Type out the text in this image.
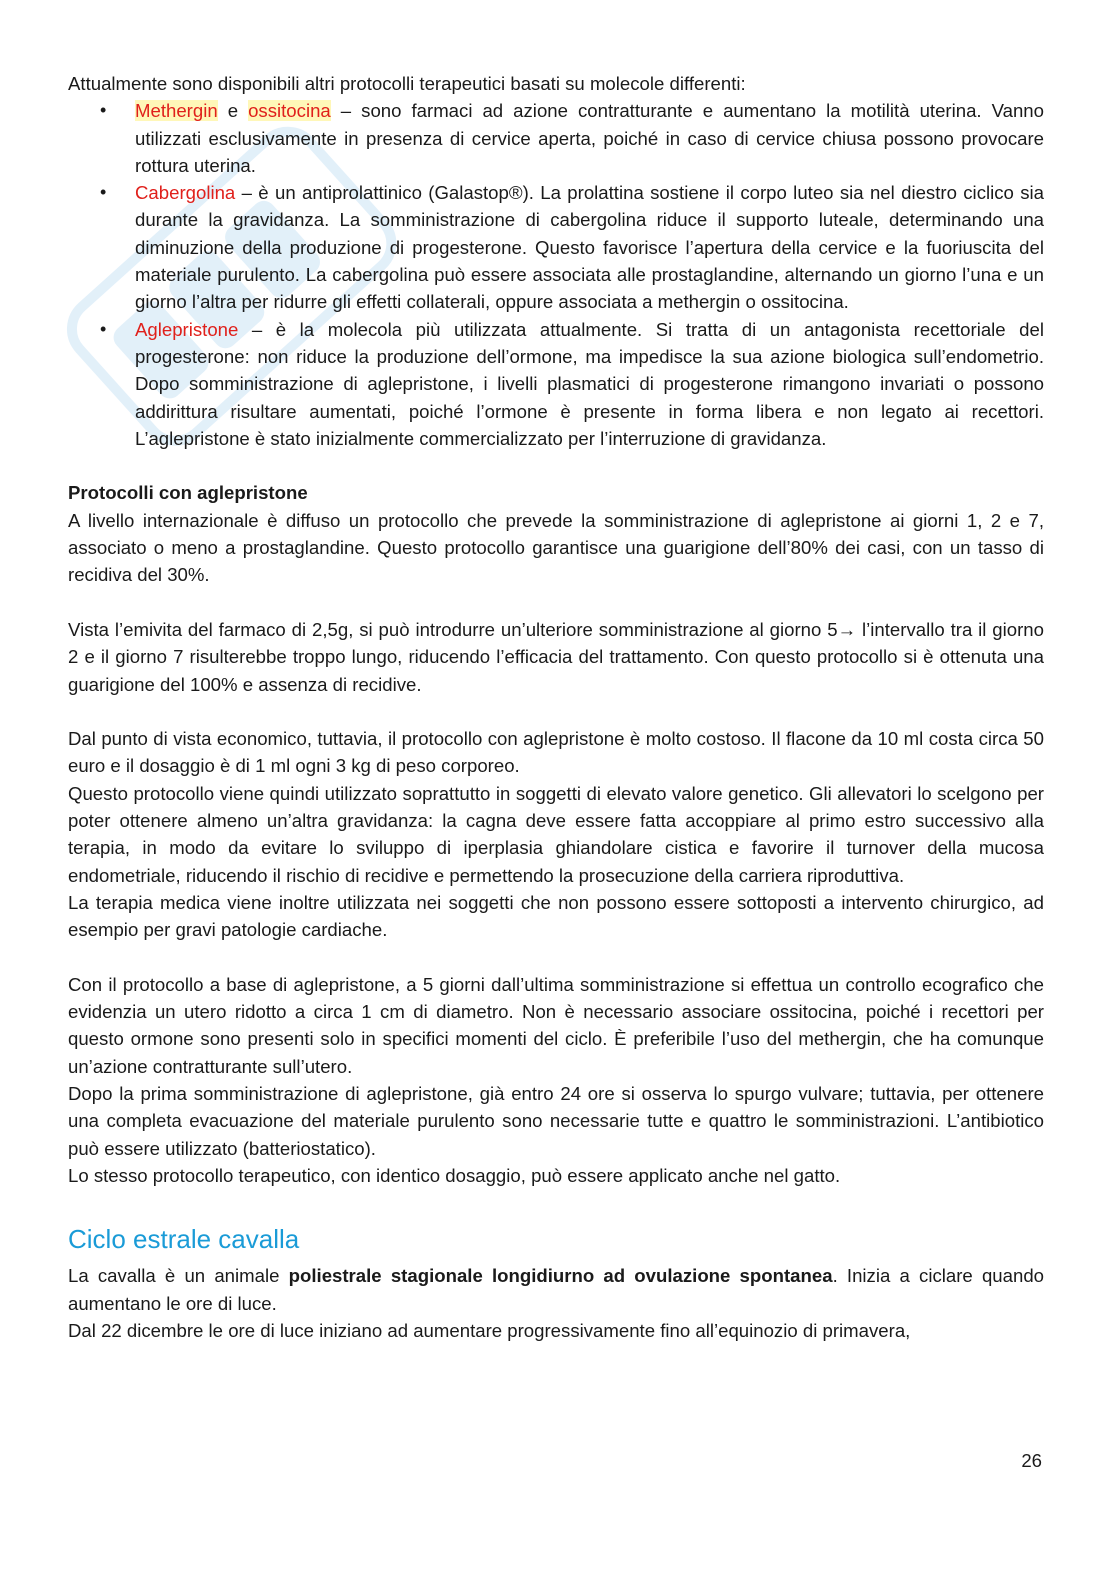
Attualmente sono disponibili altri protocolli terapeutici basati su molecole differenti:

• Methergin e ossitocina – sono farmaci ad azione contratturante e aumentano la motilità uterina. Vanno utilizzati esclusivamente in presenza di cervice aperta, poiché in caso di cervice chiusa possono provocare rottura uterina.
• Cabergolina – è un antiprolattinico (Galastop®). La prolattina sostiene il corpo luteo sia nel diestro ciclico sia durante la gravidanza. La somministrazione di cabergolina riduce il supporto luteale, determinando una diminuzione della produzione di progesterone. Questo favorisce l’apertura della cervice e la fuoriuscita del materiale purulento. La cabergolina può essere associata alle prostaglandine, alternando un giorno l’una e un giorno l’altra per ridurre gli effetti collaterali, oppure associata a methergin o ossitocina.
• Aglepristone – è la molecola più utilizzata attualmente. Si tratta di un antagonista recettoriale del progesterone: non riduce la produzione dell’ormone, ma impedisce la sua azione biologica sull’endometrio. Dopo somministrazione di aglepristone, i livelli plasmatici di progesterone rimangono invariati o possono addirittura risultare aumentati, poiché l’ormone è presente in forma libera e non legato ai recettori. L’aglepristone è stato inizialmente commercializzato per l’interruzione di gravidanza.
Protocolli con aglepristone

A livello internazionale è diffuso un protocollo che prevede la somministrazione di aglepristone ai giorni 1, 2 e 7, associato o meno a prostaglandine. Questo protocollo garantisce una guarigione dell’80% dei casi, con un tasso di recidiva del 30%.

Vista l’emivita del farmaco di 2,5g, si può introdurre un’ulteriore somministrazione al giorno 5→ l’intervallo tra il giorno 2 e il giorno 7 risulterebbe troppo lungo, riducendo l’efficacia del trattamento. Con questo protocollo si è ottenuta una guarigione del 100% e assenza di recidive.

Dal punto di vista economico, tuttavia, il protocollo con aglepristone è molto costoso. Il flacone da 10 ml costa circa 50 euro e il dosaggio è di 1 ml ogni 3 kg di peso corporeo.

Questo protocollo viene quindi utilizzato soprattutto in soggetti di elevato valore genetico. Gli allevatori lo scelgono per poter ottenere almeno un’altra gravidanza: la cagna deve essere fatta accoppiare al primo estro successivo alla terapia, in modo da evitare lo sviluppo di iperplasia ghiandolare cistica e favorire il turnover della mucosa endometriale, riducendo il rischio di recidive e permettendo la prosecuzione della carriera riproduttiva.

La terapia medica viene inoltre utilizzata nei soggetti che non possono essere sottoposti a intervento chirurgico, ad esempio per gravi patologie cardiache.

Con il protocollo a base di aglepristone, a 5 giorni dall’ultima somministrazione si effettua un controllo ecografico che evidenzia un utero ridotto a circa 1 cm di diametro. Non è necessario associare ossitocina, poiché i recettori per questo ormone sono presenti solo in specifici momenti del ciclo. È preferibile l’uso del methergin, che ha comunque un’azione contratturante sull’utero.

Dopo la prima somministrazione di aglepristone, già entro 24 ore si osserva lo spurgo vulvare; tuttavia, per ottenere una completa evacuazione del materiale purulento sono necessarie tutte e quattro le somministrazioni. L’antibiotico può essere utilizzato (batteriostatico).

Lo stesso protocollo terapeutico, con identico dosaggio, può essere applicato anche nel gatto.

Ciclo estrale cavalla

La cavalla è un animale poliestrale stagionale longidiurno ad ovulazione spontanea. Inizia a ciclare quando aumentano le ore di luce.

Dal 22 dicembre le ore di luce iniziano ad aumentare progressivamente fino all’equinozio di primavera,

26
